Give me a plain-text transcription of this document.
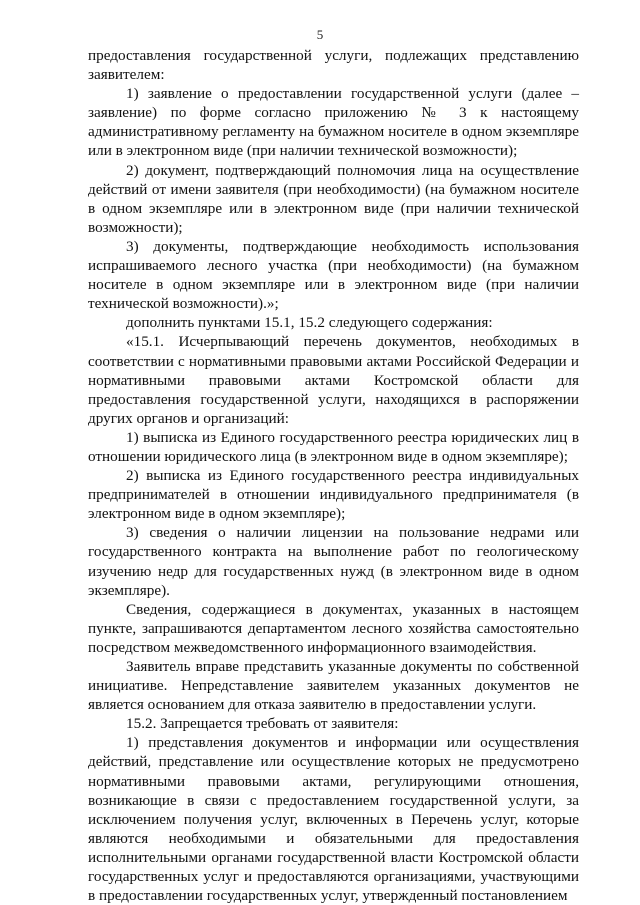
5

предоставления государственной услуги, подлежащих представлению заявителем:

1) заявление о предоставлении государственной услуги (далее – заявление) по форме согласно приложению № 3 к настоящему административному регламенту на бумажном носителе в одном экземпляре или в электронном виде (при наличии технической возможности);

2) документ, подтверждающий полномочия лица на осуществление действий от имени заявителя (при необходимости) (на бумажном носителе в одном экземпляре или в электронном виде (при наличии технической возможности);

3) документы, подтверждающие необходимость использования испрашиваемого лесного участка (при необходимости) (на бумажном носителе в одном экземпляре или в электронном виде (при наличии технической возможности).»;

дополнить пунктами 15.1, 15.2 следующего содержания:

«15.1. Исчерпывающий перечень документов, необходимых в соответствии с нормативными правовыми актами Российской Федерации и нормативными правовыми актами Костромской области для предоставления государственной услуги, находящихся в распоряжении других органов и организаций:

1) выписка из Единого государственного реестра юридических лиц в отношении юридического лица (в электронном виде в одном экземпляре);

2) выписка из Единого государственного реестра индивидуальных предпринимателей в отношении индивидуального предпринимателя (в электронном виде в одном экземпляре);

3) сведения о наличии лицензии на пользование недрами или государственного контракта на выполнение работ по геологическому изучению недр для государственных нужд (в электронном виде в одном экземпляре).

Сведения, содержащиеся в документах, указанных в настоящем пункте, запрашиваются департаментом лесного хозяйства самостоятельно посредством межведомственного информационного взаимодействия.

Заявитель вправе представить указанные документы по собственной инициативе. Непредставление заявителем указанных документов не является основанием для отказа заявителю в предоставлении услуги.

15.2. Запрещается требовать от заявителя:

1) представления документов и информации или осуществления действий, представление или осуществление которых не предусмотрено нормативными правовыми актами, регулирующими отношения, возникающие в связи с предоставлением государственной услуги, за исключением получения услуг, включенных в Перечень услуг, которые являются необходимыми и обязательными для предоставления исполнительными органами государственной власти Костромской области государственных услуг и предоставляются организациями, участвующими в предоставлении государственных услуг, утвержденный постановлением
